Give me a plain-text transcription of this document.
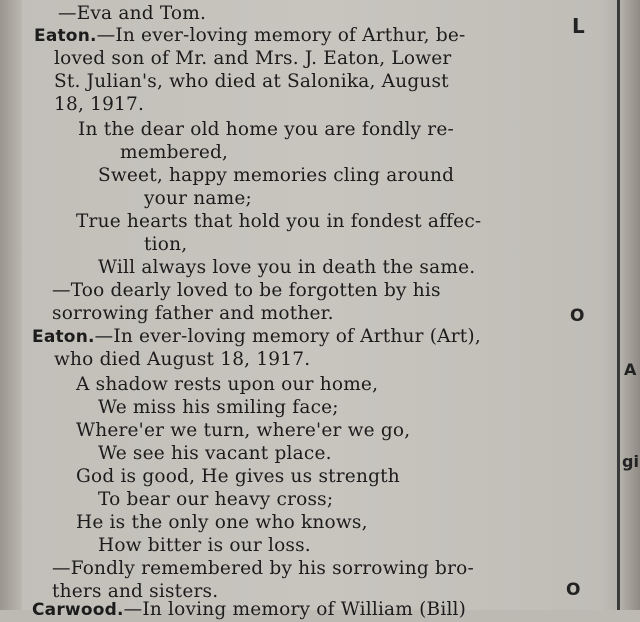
—Eva and Tom.
Eaton.—In ever-loving memory of Arthur, be-
loved son of Mr. and Mrs. J. Eaton, Lower
St. Julian's, who died at Salonika, August
18, 1917.
In the dear old home you are fondly re-
membered,
Sweet, happy memories cling around
your name;
True hearts that hold you in fondest affec-
tion,
Will always love you in death the same.
—Too dearly loved to be forgotten by his
sorrowing father and mother.
Eaton.—In ever-loving memory of Arthur (Art),
who died August 18, 1917.
A shadow rests upon our home,
We miss his smiling face;
Where'er we turn, where'er we go,
We see his vacant place.
God is good, He gives us strength
To bear our heavy cross;
He is the only one who knows,
How bitter is our loss.
—Fondly remembered by his sorrowing bro-
thers and sisters.
Carwood.—In loving memory of William (Bill)
L
O
O
A
gi
